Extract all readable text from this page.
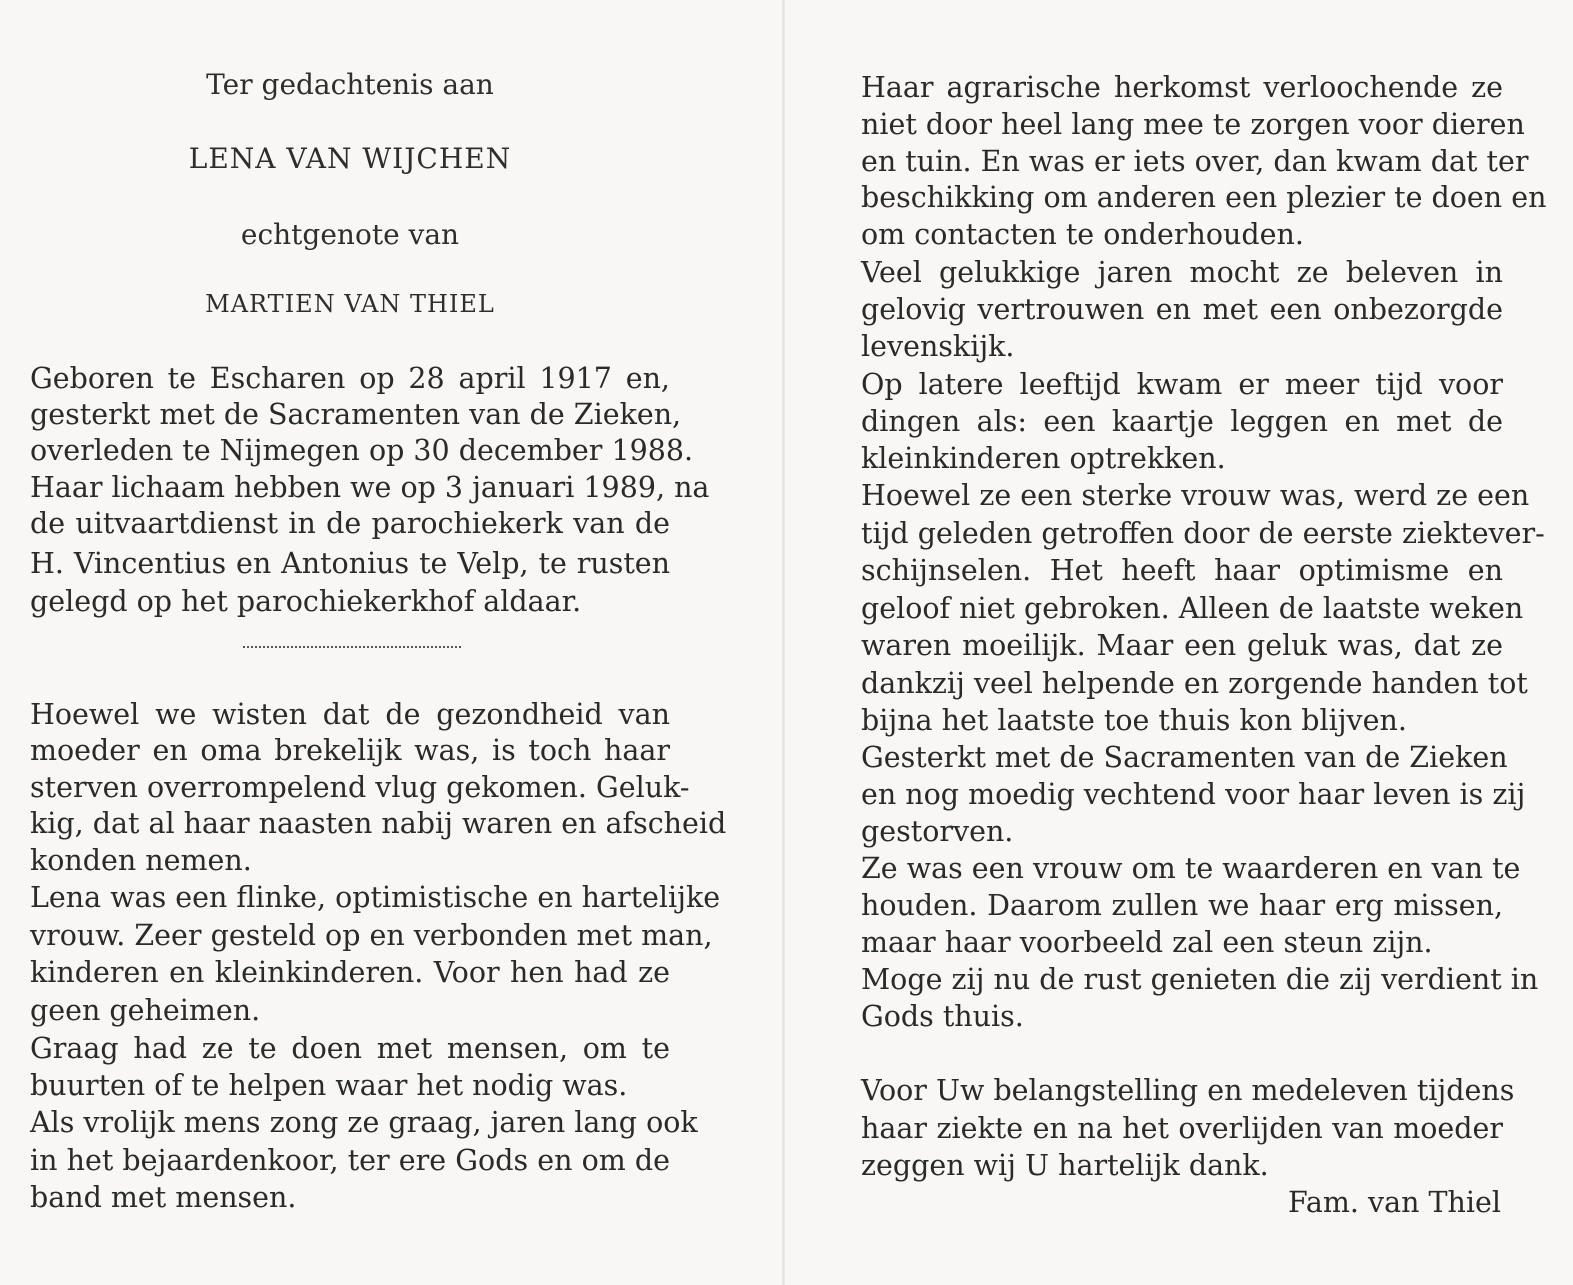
Ter gedachtenis aan
LENA VAN WIJCHEN
echtgenote van
MARTIEN VAN THIEL
Geboren te Escharen op 28 april 1917 en,
gesterkt met de Sacramenten van de Zieken,
overleden te Nijmegen op 30 december 1988.
Haar lichaam hebben we op 3 januari 1989, na
de uitvaartdienst in de parochiekerk van de
H. Vincentius en Antonius te Velp, te rusten
gelegd op het parochiekerkhof aldaar.
Hoewel we wisten dat de gezondheid van
moeder en oma brekelijk was, is toch haar
sterven overrompelend vlug gekomen. Geluk-
kig, dat al haar naasten nabij waren en afscheid
konden nemen.
Lena was een flinke, optimistische en hartelijke
vrouw. Zeer gesteld op en verbonden met man,
kinderen en kleinkinderen. Voor hen had ze
geen geheimen.
Graag had ze te doen met mensen, om te
buurten of te helpen waar het nodig was.
Als vrolijk mens zong ze graag, jaren lang ook
in het bejaardenkoor, ter ere Gods en om de
band met mensen.
Haar agrarische herkomst verloochende ze
niet door heel lang mee te zorgen voor dieren
en tuin. En was er iets over, dan kwam dat ter
beschikking om anderen een plezier te doen en
om contacten te onderhouden.
Veel gelukkige jaren mocht ze beleven in
gelovig vertrouwen en met een onbezorgde
levenskijk.
Op latere leeftijd kwam er meer tijd voor
dingen als: een kaartje leggen en met de
kleinkinderen optrekken.
Hoewel ze een sterke vrouw was, werd ze een
tijd geleden getroffen door de eerste ziektever-
schijnselen. Het heeft haar optimisme en
geloof niet gebroken. Alleen de laatste weken
waren moeilijk. Maar een geluk was, dat ze
dankzij veel helpende en zorgende handen tot
bijna het laatste toe thuis kon blijven.
Gesterkt met de Sacramenten van de Zieken
en nog moedig vechtend voor haar leven is zij
gestorven.
Ze was een vrouw om te waarderen en van te
houden. Daarom zullen we haar erg missen,
maar haar voorbeeld zal een steun zijn.
Moge zij nu de rust genieten die zij verdient in
Gods thuis.
Voor Uw belangstelling en medeleven tijdens
haar ziekte en na het overlijden van moeder
zeggen wij U hartelijk dank.
Fam. van Thiel
